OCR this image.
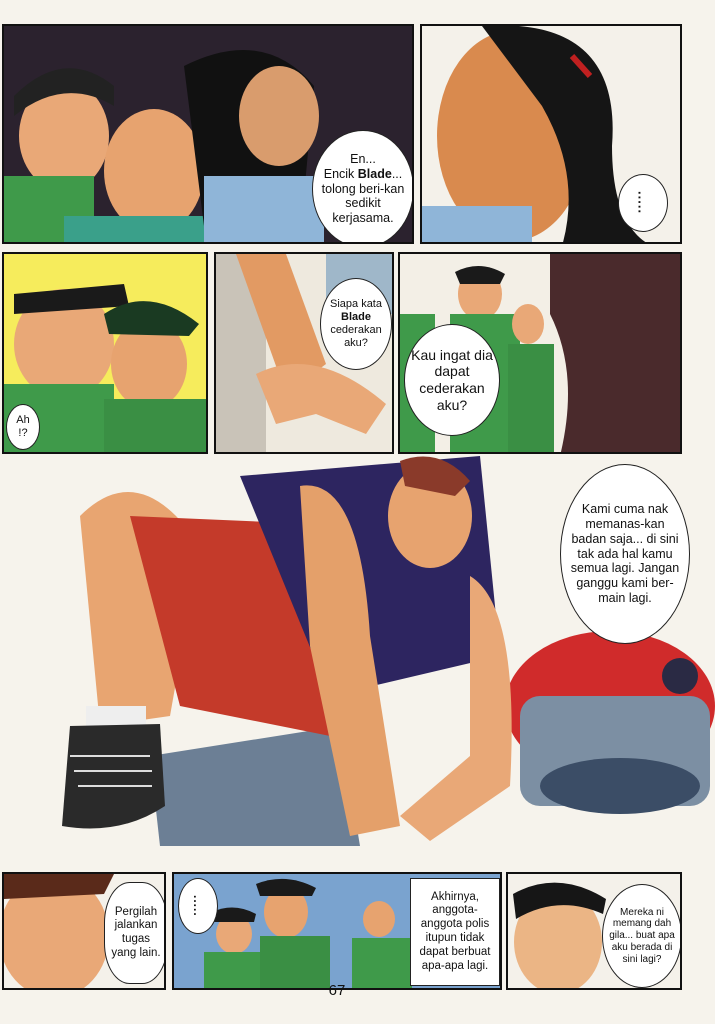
En...
Encik Blade...
tolong beri-kan sedikit kerjasama.
.....
Ah !?
Siapa kata Blade cederakan aku?
Kau ingat dia dapat cederakan aku?
Kami cuma nak memanas-kan badan saja... di sini tak ada hal kamu semua lagi. Jangan ganggu kami ber-main lagi.
Pergilah jalankan tugas yang lain.
.....	Akhirnya, anggota-anggota polis itupun tidak dapat berbuat apa-apa lagi.
Mereka ni memang dah gila... buat apa aku berada di sini lagi?
67
